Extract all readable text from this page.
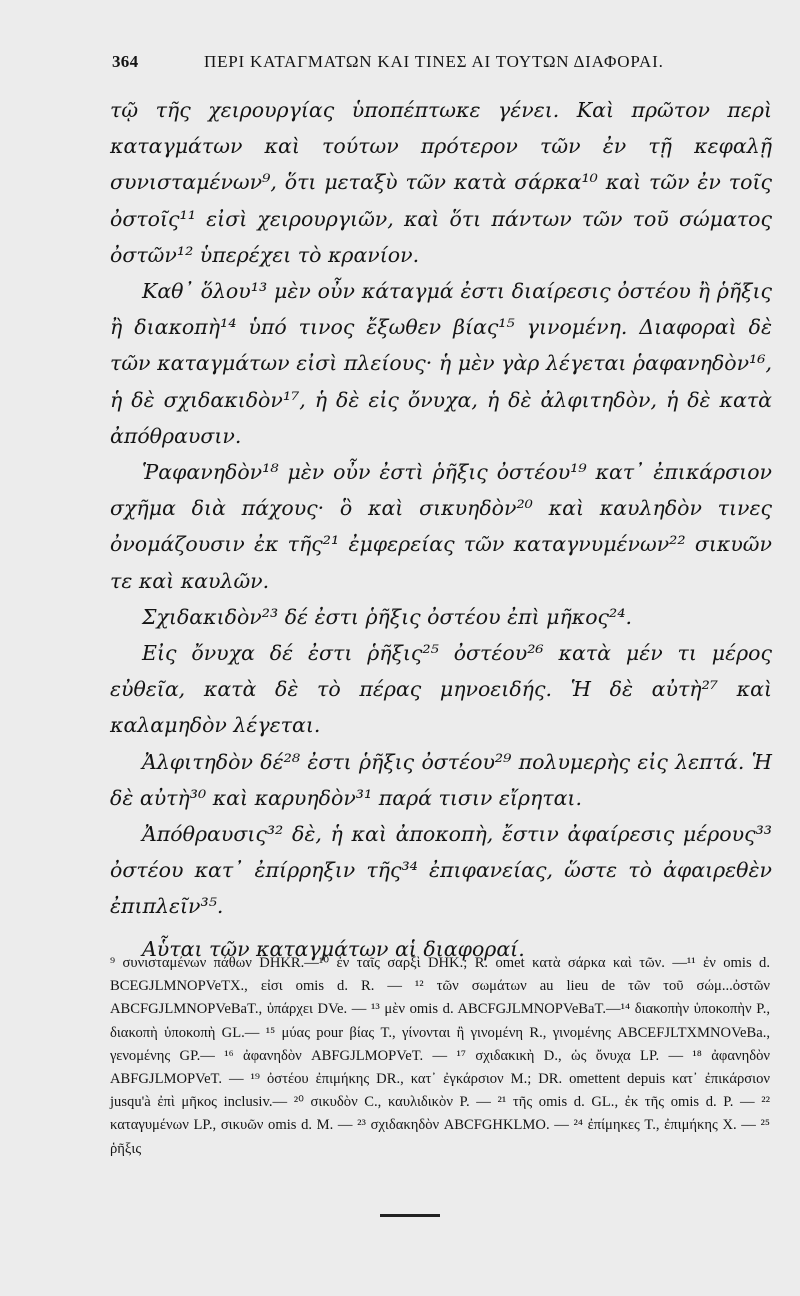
364	ΠΕΡΙ ΚΑΤΑΓΜΑΤΩΝ ΚΑΙ ΤΙΝΕΣ ΑΙ ΤΟΥΤΩΝ ΔΙΑΦΟΡΑΙ.

τῷ τῆς χειρουργίας ὑποπέπτωκε γένει. Καὶ πρῶτον περὶ καταγμάτων καὶ τούτων πρότερον τῶν ἐν τῇ κεφαλῇ συνισταμένων⁹, ὅτι μεταξὺ τῶν κατὰ σάρκα¹⁰ καὶ τῶν ἐν τοῖς ὀστοῖς¹¹ εἰσὶ χειρουργιῶν, καὶ ὅτι πάντων τῶν τοῦ σώματος ὀστῶν¹² ὑπερέχει τὸ κρανίον.

Καθ᾽ ὅλου¹³ μὲν οὖν κάταγμά ἐστι διαίρεσις ὀστέου ἢ ῥῆξις ἢ διακοπὴ¹⁴ ὑπό τινος ἔξωθεν βίας¹⁵ γινομένη. Διαφοραὶ δὲ τῶν καταγμάτων εἰσὶ πλείους· ἡ μὲν γὰρ λέγεται ῥαφανηδὸν¹⁶, ἡ δὲ σχιδακιδὸν¹⁷, ἡ δὲ εἰς ὄνυχα, ἡ δὲ ἀλφιτηδὸν, ἡ δὲ κατὰ ἀπόθραυσιν.

Ῥαφανηδὸν¹⁸ μὲν οὖν ἐστὶ ῥῆξις ὀστέου¹⁹ κατ᾽ ἐπικάρσιον σχῆμα διὰ πάχους· ὃ καὶ σικυηδὸν²⁰ καὶ καυληδὸν τινες ὀνομάζουσιν ἐκ τῆς²¹ ἐμφερείας τῶν καταγνυμένων²² σικυῶν τε καὶ καυλῶν.

Σχιδακιδὸν²³ δέ ἐστι ῥῆξις ὀστέου ἐπὶ μῆκος²⁴.

Εἰς ὄνυχα δέ ἐστι ῥῆξις²⁵ ὀστέου²⁶ κατὰ μέν τι μέρος εὐθεῖα, κατὰ δὲ τὸ πέρας μηνοειδής. Ἡ δὲ αὐτὴ²⁷ καὶ καλαμηδὸν λέγεται.

Ἀλφιτηδὸν δέ²⁸ ἐστι ῥῆξις ὀστέου²⁹ πολυμερὴς εἰς λεπτά. Ἡ δὲ αὐτὴ³⁰ καὶ καρυηδὸν³¹ παρά τισιν εἴρηται.

Ἀπόθραυσις³² δὲ, ἡ καὶ ἀποκοπὴ, ἔστιν ἀφαίρεσις μέρους³³ ὀστέου κατ᾽ ἐπίρρηξιν τῆς³⁴ ἐπιφανείας, ὥστε τὸ ἀφαιρεθὲν ἐπιπλεῖν³⁵.

Αὗται τῶν καταγμάτων αἱ διαφοραί.

⁹ συνισταμένων πάθων DHKR.—¹⁰ ἐν ταῖς σαρξὶ DHK.; R. omet κατὰ σάρκα καὶ τῶν. —¹¹ ἐν omis d. BCEGJLMNOPVeTX., εἰσι omis d. R. — ¹² τῶν σωμάτων au lieu de τῶν τοῦ σώμ...ὀστῶν ABCFGJLMNOPVeBaT., ὑπάρχει DVe. — ¹³ μὲν omis d. ABCFGJLMNOPVeBaT.—¹⁴ διακοπὴν ὑποκοπὴν P., διακοπὴ ὑποκοπὴ GL.— ¹⁵ μύας pour βίας T., γίνονται ἢ γινομένη R., γινομένης ABCEFJLTXMNOVeBa., γενομένης GP.— ¹⁶ ἀφανηδὸν ABFGJLMOPVeT. — ¹⁷ σχιδακικὴ D., ὡς ὄνυχα LP. — ¹⁸ ἀφανηδὸν ABFGJLMOPVeT. — ¹⁹ ὀστέου ἐπιμήκης DR., κατ᾽ ἐγκάρσιον M.; DR. omettent depuis κατ᾽ ἐπικάρσιον jusqu'à ἐπὶ μῆκος inclusiv.— ²⁰ σικυδὸν C., καυλιδικὸν P. — ²¹ τῆς omis d. GL., ἐκ τῆς omis d. P. — ²² καταγυμένων LP., σικυῶν omis d. M. — ²³ σχιδακηδὸν ABCFGHKLMO. — ²⁴ ἐπίμηκες T., ἐπιμήκης X. — ²⁵ ῥῆξις
